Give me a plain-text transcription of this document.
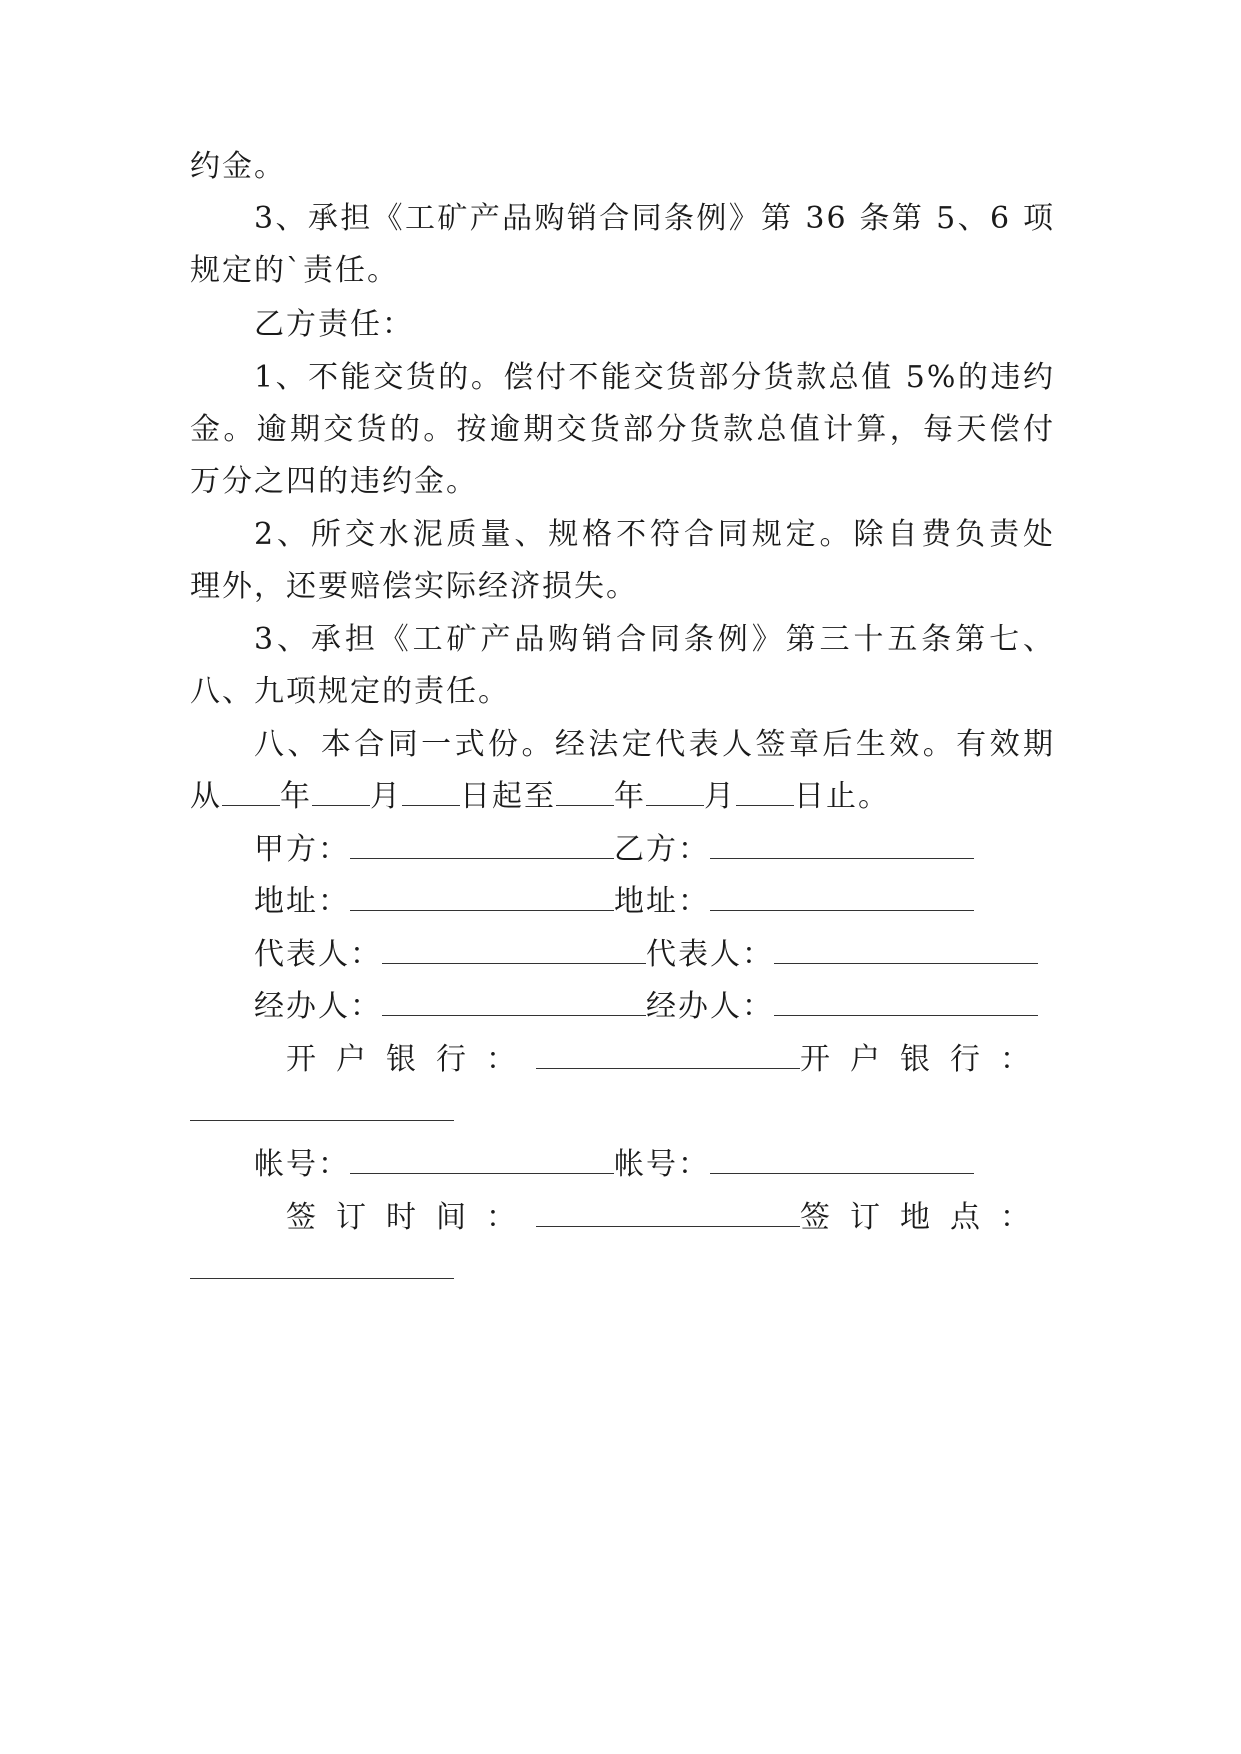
约金。
3、承担《工矿产品购销合同条例》第 36 条第 5、6 项
规定的`责任。
乙方责任：
1、不能交货的。偿付不能交货部分货款总值 5%的违约
金。逾期交货的。按逾期交货部分货款总值计算，每天偿付
万分之四的违约金。
2、所交水泥质量、规格不符合同规定。除自费负责处
理外，还要赔偿实际经济损失。
3、承担《工矿产品购销合同条例》第三十五条第七、
八、九项规定的责任。
八、本合同一式份。经法定代表人签章后生效。有效期
从 年 月 日起至 年 月 日止。
甲方：	乙方：
地址：	地址：
代表人：	代表人：
经办人：	经办人：
开户银行：	开户银行：
帐号：	帐号：
签订时间：	签订地点：
